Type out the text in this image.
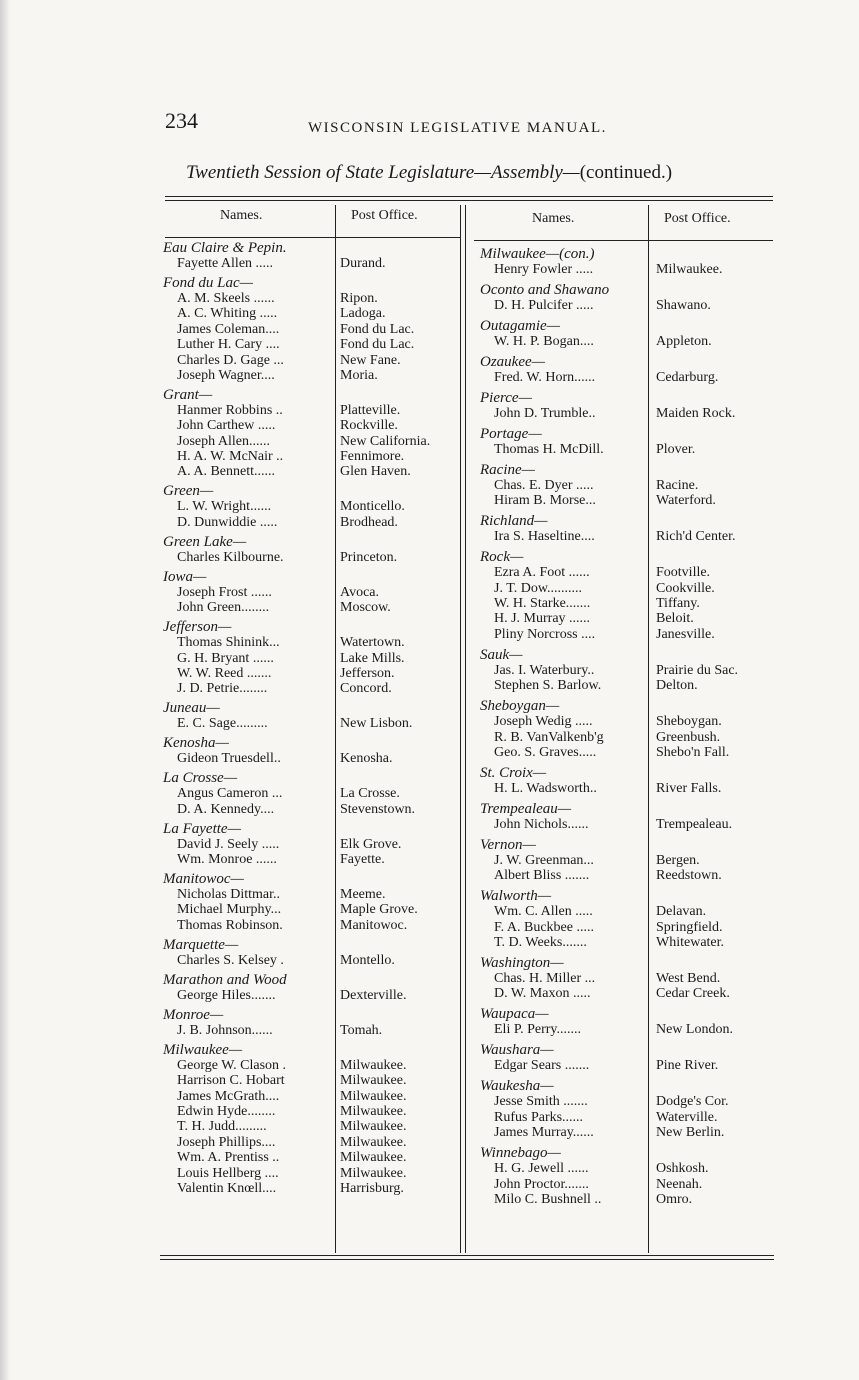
234	WISCONSIN LEGISLATIVE MANUAL.
Twentieth Session of State Legislature—Assembly—(continued.)
Names.	Post Office.	Names.	Post Office.
Eau Claire & Pepin.
Fayette Allen .....	Durand.
Fond du Lac—
A. M. Skeels ......	Ripon.
A. C. Whiting .....	Ladoga.
James Coleman....	Fond du Lac.
Luther H. Cary ....	Fond du Lac.
Charles D. Gage ...	New Fane.
Joseph Wagner....	Moria.
Grant—
Hanmer Robbins ..	Platteville.
John Carthew .....	Rockville.
Joseph Allen......	New California.
H. A. W. McNair ..	Fennimore.
A. A. Bennett......	Glen Haven.
Green—
L. W. Wright......	Monticello.
D. Dunwiddie .....	Brodhead.
Green Lake—
Charles Kilbourne.	Princeton.
Iowa—
Joseph Frost ......	Avoca.
John Green........	Moscow.
Jefferson—
Thomas Shinink...	Watertown.
G. H. Bryant ......	Lake Mills.
W. W. Reed .......	Jefferson.
J. D. Petrie........	Concord.
Juneau—
E. C. Sage.........	New Lisbon.
Kenosha—
Gideon Truesdell..	Kenosha.
La Crosse—
Angus Cameron ...	La Crosse.
D. A. Kennedy....	Stevenstown.
La Fayette—
David J. Seely .....	Elk Grove.
Wm. Monroe ......	Fayette.
Manitowoc—
Nicholas Dittmar..	Meeme.
Michael Murphy...	Maple Grove.
Thomas Robinson.	Manitowoc.
Marquette—
Charles S. Kelsey .	Montello.
Marathon and Wood
George Hiles.......	Dexterville.
Monroe—
J. B. Johnson......	Tomah.
Milwaukee—
George W. Clason .	Milwaukee.
Harrison C. Hobart	Milwaukee.
James McGrath....	Milwaukee.
Edwin Hyde........	Milwaukee.
T. H. Judd.........	Milwaukee.
Joseph Phillips....	Milwaukee.
Wm. A. Prentiss ..	Milwaukee.
Louis Hellberg ....	Milwaukee.
Valentin Knœll....	Harrisburg.
Milwaukee—(con.)
Henry Fowler .....	Milwaukee.
Oconto and Shawano
D. H. Pulcifer .....	Shawano.
Outagamie—
W. H. P. Bogan....	Appleton.
Ozaukee—
Fred. W. Horn......	Cedarburg.
Pierce—
John D. Trumble..	Maiden Rock.
Portage—
Thomas H. McDill.	Plover.
Racine—
Chas. E. Dyer .....	Racine.
Hiram B. Morse...	Waterford.
Richland—
Ira S. Haseltine....	Rich'd Center.
Rock—
Ezra A. Foot ......	Footville.
J. T. Dow..........	Cookville.
W. H. Starke.......	Tiffany.
H. J. Murray ......	Beloit.
Pliny Norcross ....	Janesville.
Sauk—
Jas. I. Waterbury..	Prairie du Sac.
Stephen S. Barlow.	Delton.
Sheboygan—
Joseph Wedig .....	Sheboygan.
R. B. VanValkenb'g	Greenbush.
Geo. S. Graves.....	Shebo'n Fall.
St. Croix—
H. L. Wadsworth..	River Falls.
Trempealeau—
John Nichols......	Trempealeau.
Vernon—
J. W. Greenman...	Bergen.
Albert Bliss .......	Reedstown.
Walworth—
Wm. C. Allen .....	Delavan.
F. A. Buckbee .....	Springfield.
T. D. Weeks.......	Whitewater.
Washington—
Chas. H. Miller ...	West Bend.
D. W. Maxon .....	Cedar Creek.
Waupaca—
Eli P. Perry.......	New London.
Waushara—
Edgar Sears .......	Pine River.
Waukesha—
Jesse Smith .......	Dodge's Cor.
Rufus Parks......	Waterville.
James Murray......	New Berlin.
Winnebago—
H. G. Jewell ......	Oshkosh.
John Proctor.......	Neenah.
Milo C. Bushnell ..	Omro.
